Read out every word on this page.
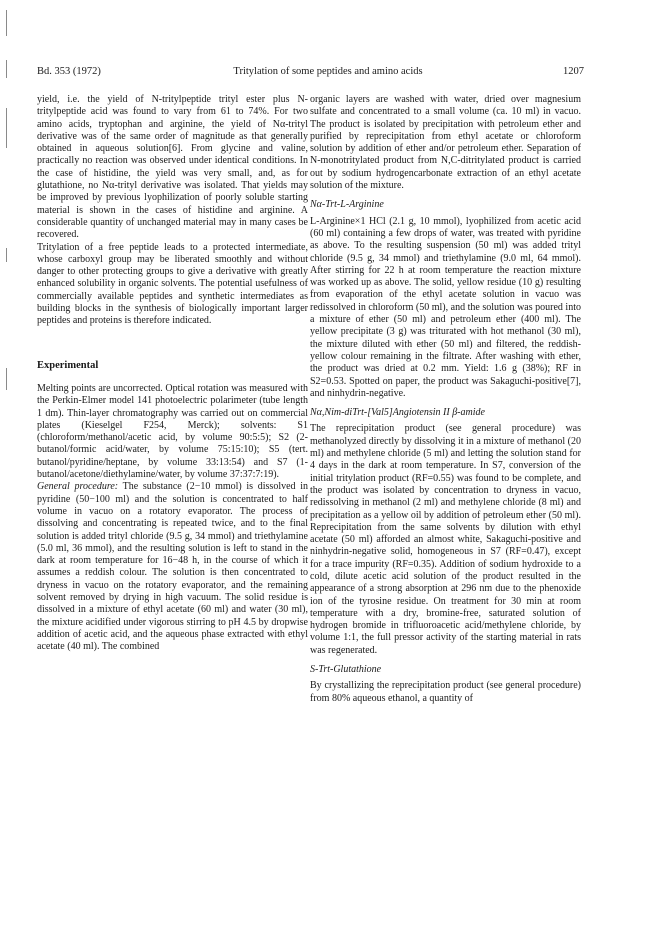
Bd. 353 (1972)	Tritylation of some peptides and amino acids	1207

yield, i.e. the yield of N-tritylpeptide trityl ester plus N-tritylpeptide acid was found to vary from 61 to 74%. For two amino acids, tryptophan and arginine, the yield of Nα-trityl derivative was of the same order of magnitude as that generally obtained in aqueous solution[6]. From glycine and valine, practically no reaction was observed under identical conditions. In the case of histidine, the yield was very small, and, as for glutathione, no Nα-trityl derivative was isolated. That yields may be improved by previous lyophilization of poorly soluble starting material is shown in the cases of histidine and arginine. A considerable quantity of unchanged material may in many cases be recovered.

Tritylation of a free peptide leads to a protected intermediate, whose carboxyl group may be liberated smoothly and without danger to other protecting groups to give a derivative with greatly enhanced solubility in organic solvents. The potential usefulness of commercially available peptides and synthetic intermediates as building blocks in the synthesis of biologically important larger peptides and proteins is therefore indicated.

Experimental

Melting points are uncorrected. Optical rotation was measured with the Perkin-Elmer model 141 photoelectric polarimeter (tube length 1 dm). Thin-layer chromatography was carried out on commercial plates (Kieselgel F254, Merck); solvents: S1 (chloroform/methanol/acetic acid, by volume 90:5:5); S2 (2-butanol/formic acid/water, by volume 75:15:10); S5 (tert. butanol/pyridine/heptane, by volume 33:13:54) and S7 (1-butanol/acetone/diethylamine/water, by volume 37:37:7:19).

General procedure: The substance (2−10 mmol) is dissolved in pyridine (50−100 ml) and the solution is concentrated to half volume in vacuo on a rotatory evaporator. The process of dissolving and concentrating is repeated twice, and to the final solution is added trityl chloride (9.5 g, 34 mmol) and triethylamine (5.0 ml, 36 mmol), and the resulting solution is left to stand in the dark at room temperature for 16−48 h, in the course of which it assumes a reddish colour. The solution is then concentrated to dryness in vacuo on the rotatory evaporator, and the remaining solvent removed by drying in high vacuum. The solid residue is dissolved in a mixture of ethyl acetate (60 ml) and water (30 ml), the mixture acidified under vigorous stirring to pH 4.5 by dropwise addition of acetic acid, and the aqueous phase extracted with ethyl acetate (40 ml). The combined

organic layers are washed with water, dried over magnesium sulfate and concentrated to a small volume (ca. 10 ml) in vacuo. The product is isolated by precipitation with petroleum ether and purified by reprecipitation from ethyl acetate or chloroform solution by addition of ether and/or petroleum ether. Separation of N-monotritylated product from N,C-ditritylated product is carried out by sodium hydrogencarbonate extraction of an ethyl acetate solution of the mixture.

Nα-Trt-L-Arginine

L-Arginine×1 HCl (2.1 g, 10 mmol), lyophilized from acetic acid (60 ml) containing a few drops of water, was treated with pyridine as above. To the resulting suspension (50 ml) was added trityl chloride (9.5 g, 34 mmol) and triethylamine (9.0 ml, 64 mmol). After stirring for 22 h at room temperature the reaction mixture was worked up as above. The solid, yellow residue (10 g) resulting from evaporation of the ethyl acetate solution in vacuo was redissolved in chloroform (50 ml), and the solution was poured into a mixture of ether (50 ml) and petroleum ether (400 ml). The yellow precipitate (3 g) was triturated with hot methanol (30 ml), the mixture diluted with ether (50 ml) and filtered, the reddish-yellow colour remaining in the filtrate. After washing with ether, the product was dried at 0.2 mm. Yield: 1.6 g (38%); RF in S2=0.53. Spotted on paper, the product was Sakaguchi-positive[7], and ninhydrin-negative.

Nα,Nim-diTrt-[Val5]Angiotensin II β-amide

The reprecipitation product (see general procedure) was methanolyzed directly by dissolving it in a mixture of methanol (20 ml) and methylene chloride (5 ml) and letting the solution stand for 4 days in the dark at room temperature. In S7, conversion of the initial tritylation product (RF=0.55) was found to be complete, and the product was isolated by concentration to dryness in vacuo, redissolving in methanol (2 ml) and methylene chloride (8 ml) and precipitation as a yellow oil by addition of petroleum ether (50 ml). Reprecipitation from the same solvents by dilution with ethyl acetate (50 ml) afforded an almost white, Sakaguchi-positive and ninhydrin-negative solid, homogeneous in S7 (RF=0.47), except for a trace impurity (RF=0.35). Addition of sodium hydroxide to a cold, dilute acetic acid solution of the product resulted in the appearance of a strong absorption at 296 nm due to the phenoxide ion of the tyrosine residue. On treatment for 30 min at room temperature with a dry, bromine-free, saturated solution of hydrogen bromide in trifluoroacetic acid/methylene chloride, by volume 1:1, the full pressor activity of the starting material in rats was regenerated.

S-Trt-Glutathione

By crystallizing the reprecipitation product (see general procedure) from 80% aqueous ethanol, a quantity of
